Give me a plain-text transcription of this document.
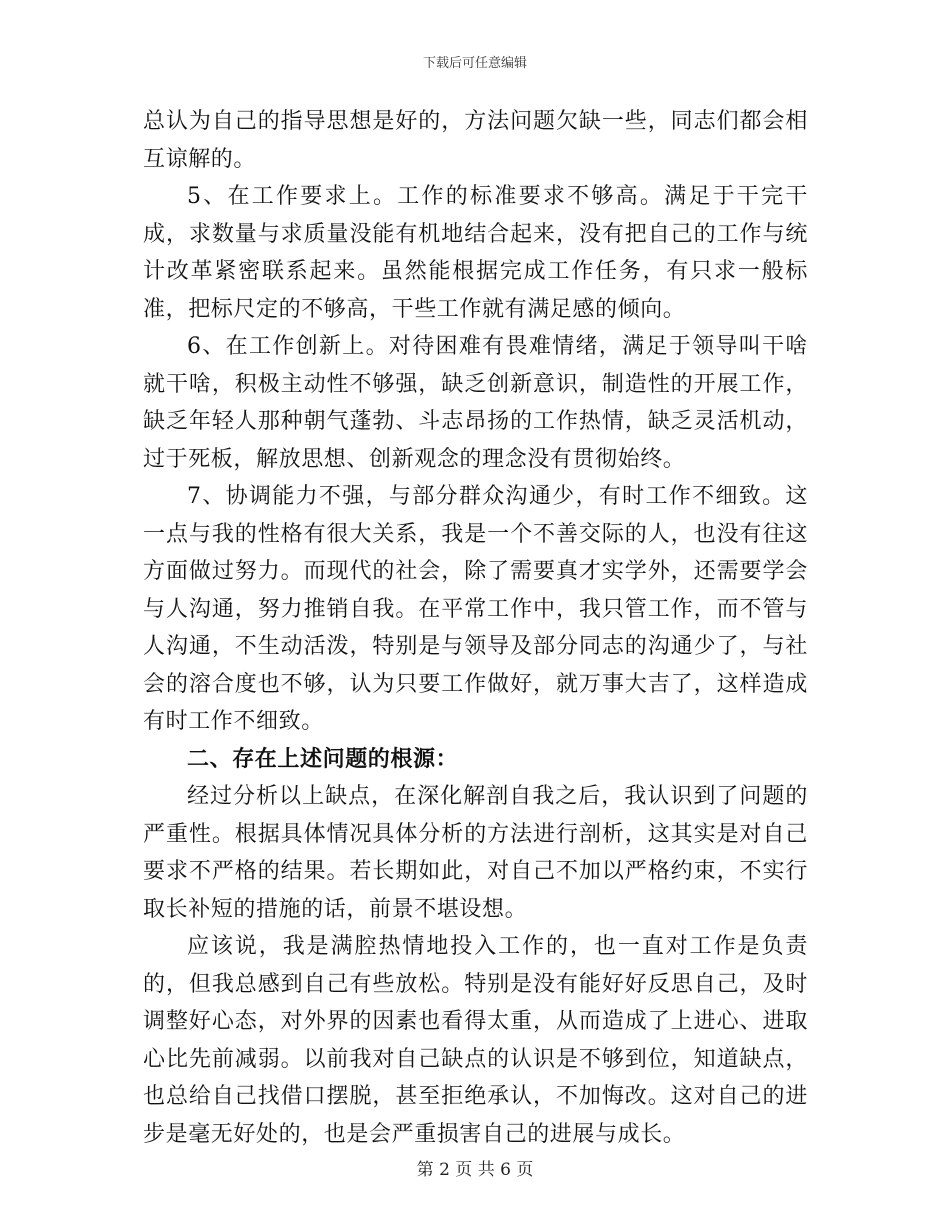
下载后可任意编辑

总认为自己的指导思想是好的，方法问题欠缺一些，同志们都会相互谅解的。

5、在工作要求上。工作的标准要求不够高。满足于干完干成，求数量与求质量没能有机地结合起来，没有把自己的工作与统计改革紧密联系起来。虽然能根据完成工作任务，有只求一般标准，把标尺定的不够高，干些工作就有满足感的倾向。

6、在工作创新上。对待困难有畏难情绪，满足于领导叫干啥就干啥，积极主动性不够强，缺乏创新意识，制造性的开展工作，缺乏年轻人那种朝气蓬勃、斗志昂扬的工作热情，缺乏灵活机动，过于死板，解放思想、创新观念的理念没有贯彻始终。

7、协调能力不强，与部分群众沟通少，有时工作不细致。这一点与我的性格有很大关系，我是一个不善交际的人，也没有往这方面做过努力。而现代的社会，除了需要真才实学外，还需要学会与人沟通，努力推销自我。在平常工作中，我只管工作，而不管与人沟通，不生动活泼，特别是与领导及部分同志的沟通少了，与社会的溶合度也不够，认为只要工作做好，就万事大吉了，这样造成有时工作不细致。

二、存在上述问题的根源：

经过分析以上缺点，在深化解剖自我之后，我认识到了问题的严重性。根据具体情况具体分析的方法进行剖析，这其实是对自己要求不严格的结果。若长期如此，对自己不加以严格约束，不实行取长补短的措施的话，前景不堪设想。

应该说，我是满腔热情地投入工作的，也一直对工作是负责的，但我总感到自己有些放松。特别是没有能好好反思自己，及时调整好心态，对外界的因素也看得太重，从而造成了上进心、进取心比先前减弱。以前我对自己缺点的认识是不够到位，知道缺点，也总给自己找借口摆脱，甚至拒绝承认，不加悔改。这对自己的进步是毫无好处的，也是会严重损害自己的进展与成长。

第 2 页 共 6 页
